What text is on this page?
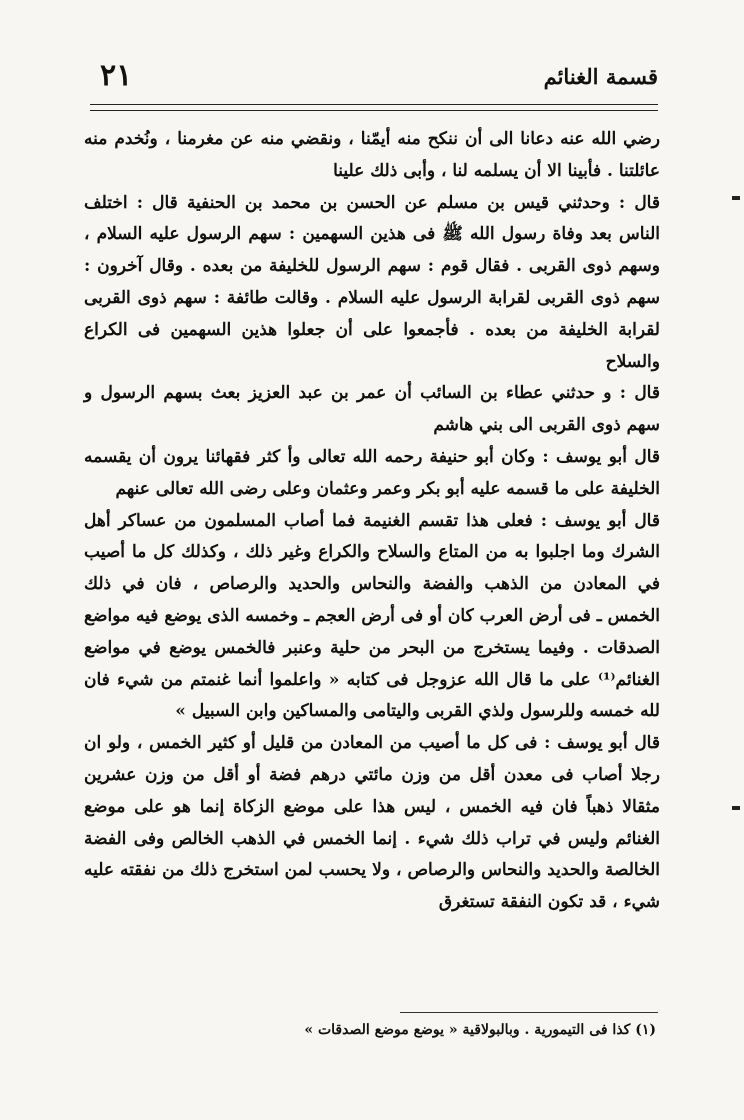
قسمة الغنائم
٢١

رضي الله عنه دعانا الى أن ننكح منه أيمّنا ، ونقضي منه عن مغرمنا ، ونُخدم منه عائلتنا . فأبينا الا أن يسلمه لنا ، وأبى ذلك علينا

قال : وحدثني قيس بن مسلم عن الحسن بن محمد بن الحنفية قال : اختلف الناس بعد وفاة رسول الله ﷺ فى هذين السهمين : سهم الرسول عليه السلام ، وسهم ذوى القربى . فقال قوم : سهم الرسول للخليفة من بعده . وقال آخرون : سهم ذوى القربى لقرابة الرسول عليه السلام . وقالت طائفة : سهم ذوى القربى لقرابة الخليفة من بعده . فأجمعوا على أن جعلوا هذين السهمين فى الكراع والسلاح

قال : و حدثني عطاء بن السائب أن عمر بن عبد العزيز بعث بسهم الرسول و سهم ذوى القربى الى بني هاشم

قال أبو يوسف : وكان أبو حنيفة رحمه الله تعالى وأ كثر فقهائنا يرون أن يقسمه الخليفة على ما قسمه عليه أبو بكر وعمر وعثمان وعلى رضى الله تعالى عنهم

قال أبو يوسف : فعلى هذا تقسم الغنيمة فما أصاب المسلمون من عساكر أهل الشرك وما اجلبوا به من المتاع والسلاح والكراع وغير ذلك ، وكذلك كل ما أصيب في المعادن من الذهب والفضة والنحاس والحديد والرصاص ، فان في ذلك الخمس ـ فى أرض العرب كان أو فى أرض العجم ـ وخمسه الذى يوضع فيه مواضع الصدقات . وفيما يستخرج من البحر من حلية وعنبر فالخمس يوضع في مواضع الغنائم⁽¹⁾ على ما قال الله عزوجل فى كتابه « واعلموا أنما غنمتم من شيء فان لله خمسه وللرسول ولذي القربى واليتامى والمساكين وابن السبيل »

قال أبو يوسف : فى كل ما أصيب من المعادن من قليل أو كثير الخمس ، ولو ان رجلا أصاب فى معدن أقل من وزن مائتي درهم فضة أو أقل من وزن عشرين مثقالا ذهباً فان فيه الخمس ، ليس هذا على موضع الزكاة إنما هو على موضع الغنائم وليس في تراب ذلك شيء . إنما الخمس في الذهب الخالص وفى الفضة الخالصة والحديد والنحاس والرصاص ، ولا يحسب لمن استخرج ذلك من نفقته عليه شيء ، قد تكون النفقة تستغرق

(١) كذا فى التيمورية . وبالبولاقية « يوضع موضع الصدقات »
